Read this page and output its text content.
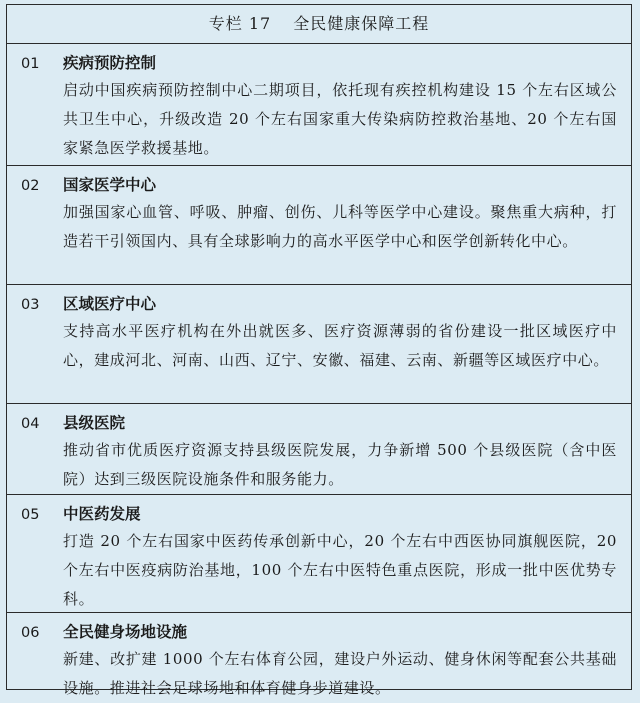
专栏 17 全民健康保障工程
01	疾病预防控制
启动中国疾病预防控制中心二期项目，依托现有疾控机构建设 15 个左右区域公共卫生中心，升级改造 20 个左右国家重大传染病防控救治基地、20 个左右国家紧急医学救援基地。
02	国家医学中心
加强国家心血管、呼吸、肿瘤、创伤、儿科等医学中心建设。聚焦重大病种，打造若干引领国内、具有全球影响力的高水平医学中心和医学创新转化中心。
03	区域医疗中心
支持高水平医疗机构在外出就医多、医疗资源薄弱的省份建设一批区域医疗中心，建成河北、河南、山西、辽宁、安徽、福建、云南、新疆等区域医疗中心。
04	县级医院
推动省市优质医疗资源支持县级医院发展，力争新增 500 个县级医院（含中医院）达到三级医院设施条件和服务能力。
05	中医药发展
打造 20 个左右国家中医药传承创新中心，20 个左右中西医协同旗舰医院，20 个左右中医疫病防治基地，100 个左右中医特色重点医院，形成一批中医优势专科。
06	全民健身场地设施
新建、改扩建 1000 个左右体育公园，建设户外运动、健身休闲等配套公共基础设施。推进社会足球场地和体育健身步道建设。
